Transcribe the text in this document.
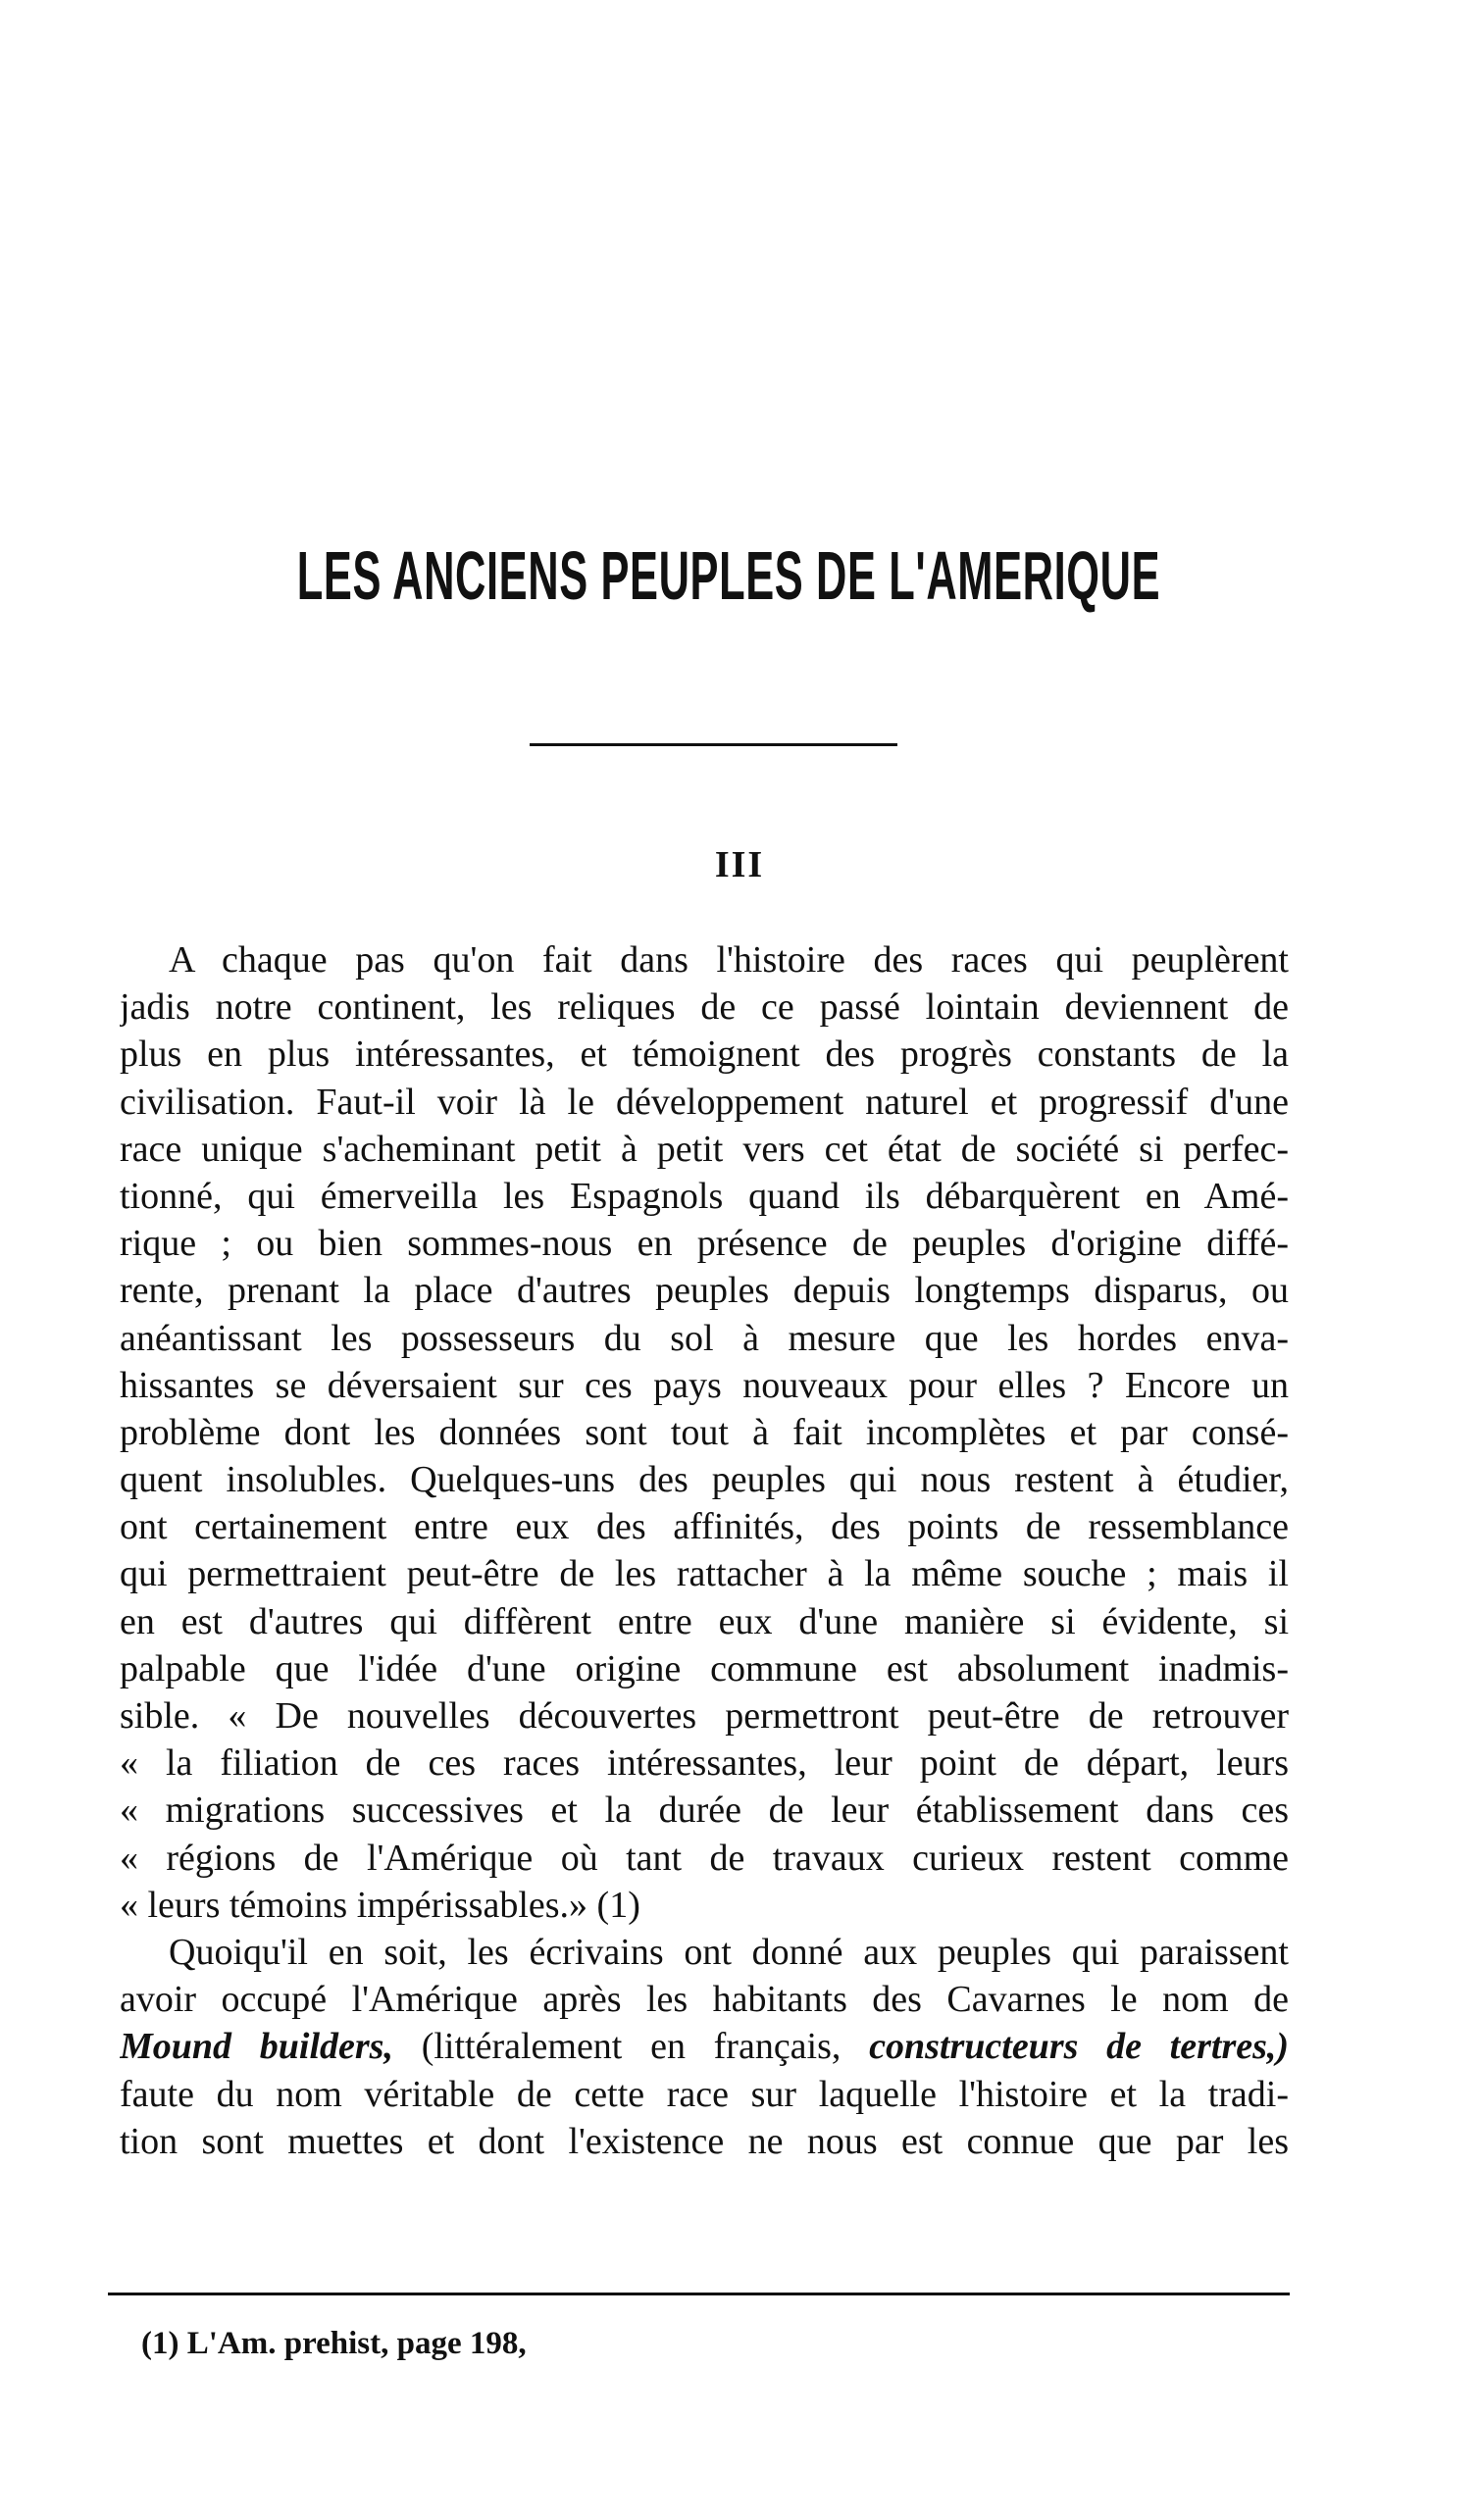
LES ANCIENS PEUPLES DE L'AMERIQUE
III
A chaque pas qu'on fait dans l'histoire des races qui peuplèrent
jadis notre continent, les reliques de ce passé lointain deviennent de
plus en plus intéressantes, et témoignent des progrès constants de la
civilisation. Faut-il voir là le développement naturel et progressif d'une
race unique s'acheminant petit à petit vers cet état de société si perfec-
tionné, qui émerveilla les Espagnols quand ils débarquèrent en Amé-
rique ; ou bien sommes-nous en présence de peuples d'origine diffé-
rente, prenant la place d'autres peuples depuis longtemps disparus, ou
anéantissant les possesseurs du sol à mesure que les hordes enva-
hissantes se déversaient sur ces pays nouveaux pour elles ? Encore un
problème dont les données sont tout à fait incomplètes et par consé-
quent insolubles. Quelques-uns des peuples qui nous restent à étudier,
ont certainement entre eux des affinités, des points de ressemblance
qui permettraient peut-être de les rattacher à la même souche ; mais il
en est d'autres qui diffèrent entre eux d'une manière si évidente, si
palpable que l'idée d'une origine commune est absolument inadmis-
sible. « De nouvelles découvertes permettront peut-être de retrouver
« la filiation de ces races intéressantes, leur point de départ, leurs
« migrations successives et la durée de leur établissement dans ces
« régions de l'Amérique où tant de travaux curieux restent comme
« leurs témoins impérissables.» (1)
Quoiqu'il en soit, les écrivains ont donné aux peuples qui paraissent
avoir occupé l'Amérique après les habitants des Cavarnes le nom de
Mound builders, (littéralement en français, constructeurs de tertres,)
faute du nom véritable de cette race sur laquelle l'histoire et la tradi-
tion sont muettes et dont l'existence ne nous est connue que par les
(1) L'Am. prehist, page 198,
